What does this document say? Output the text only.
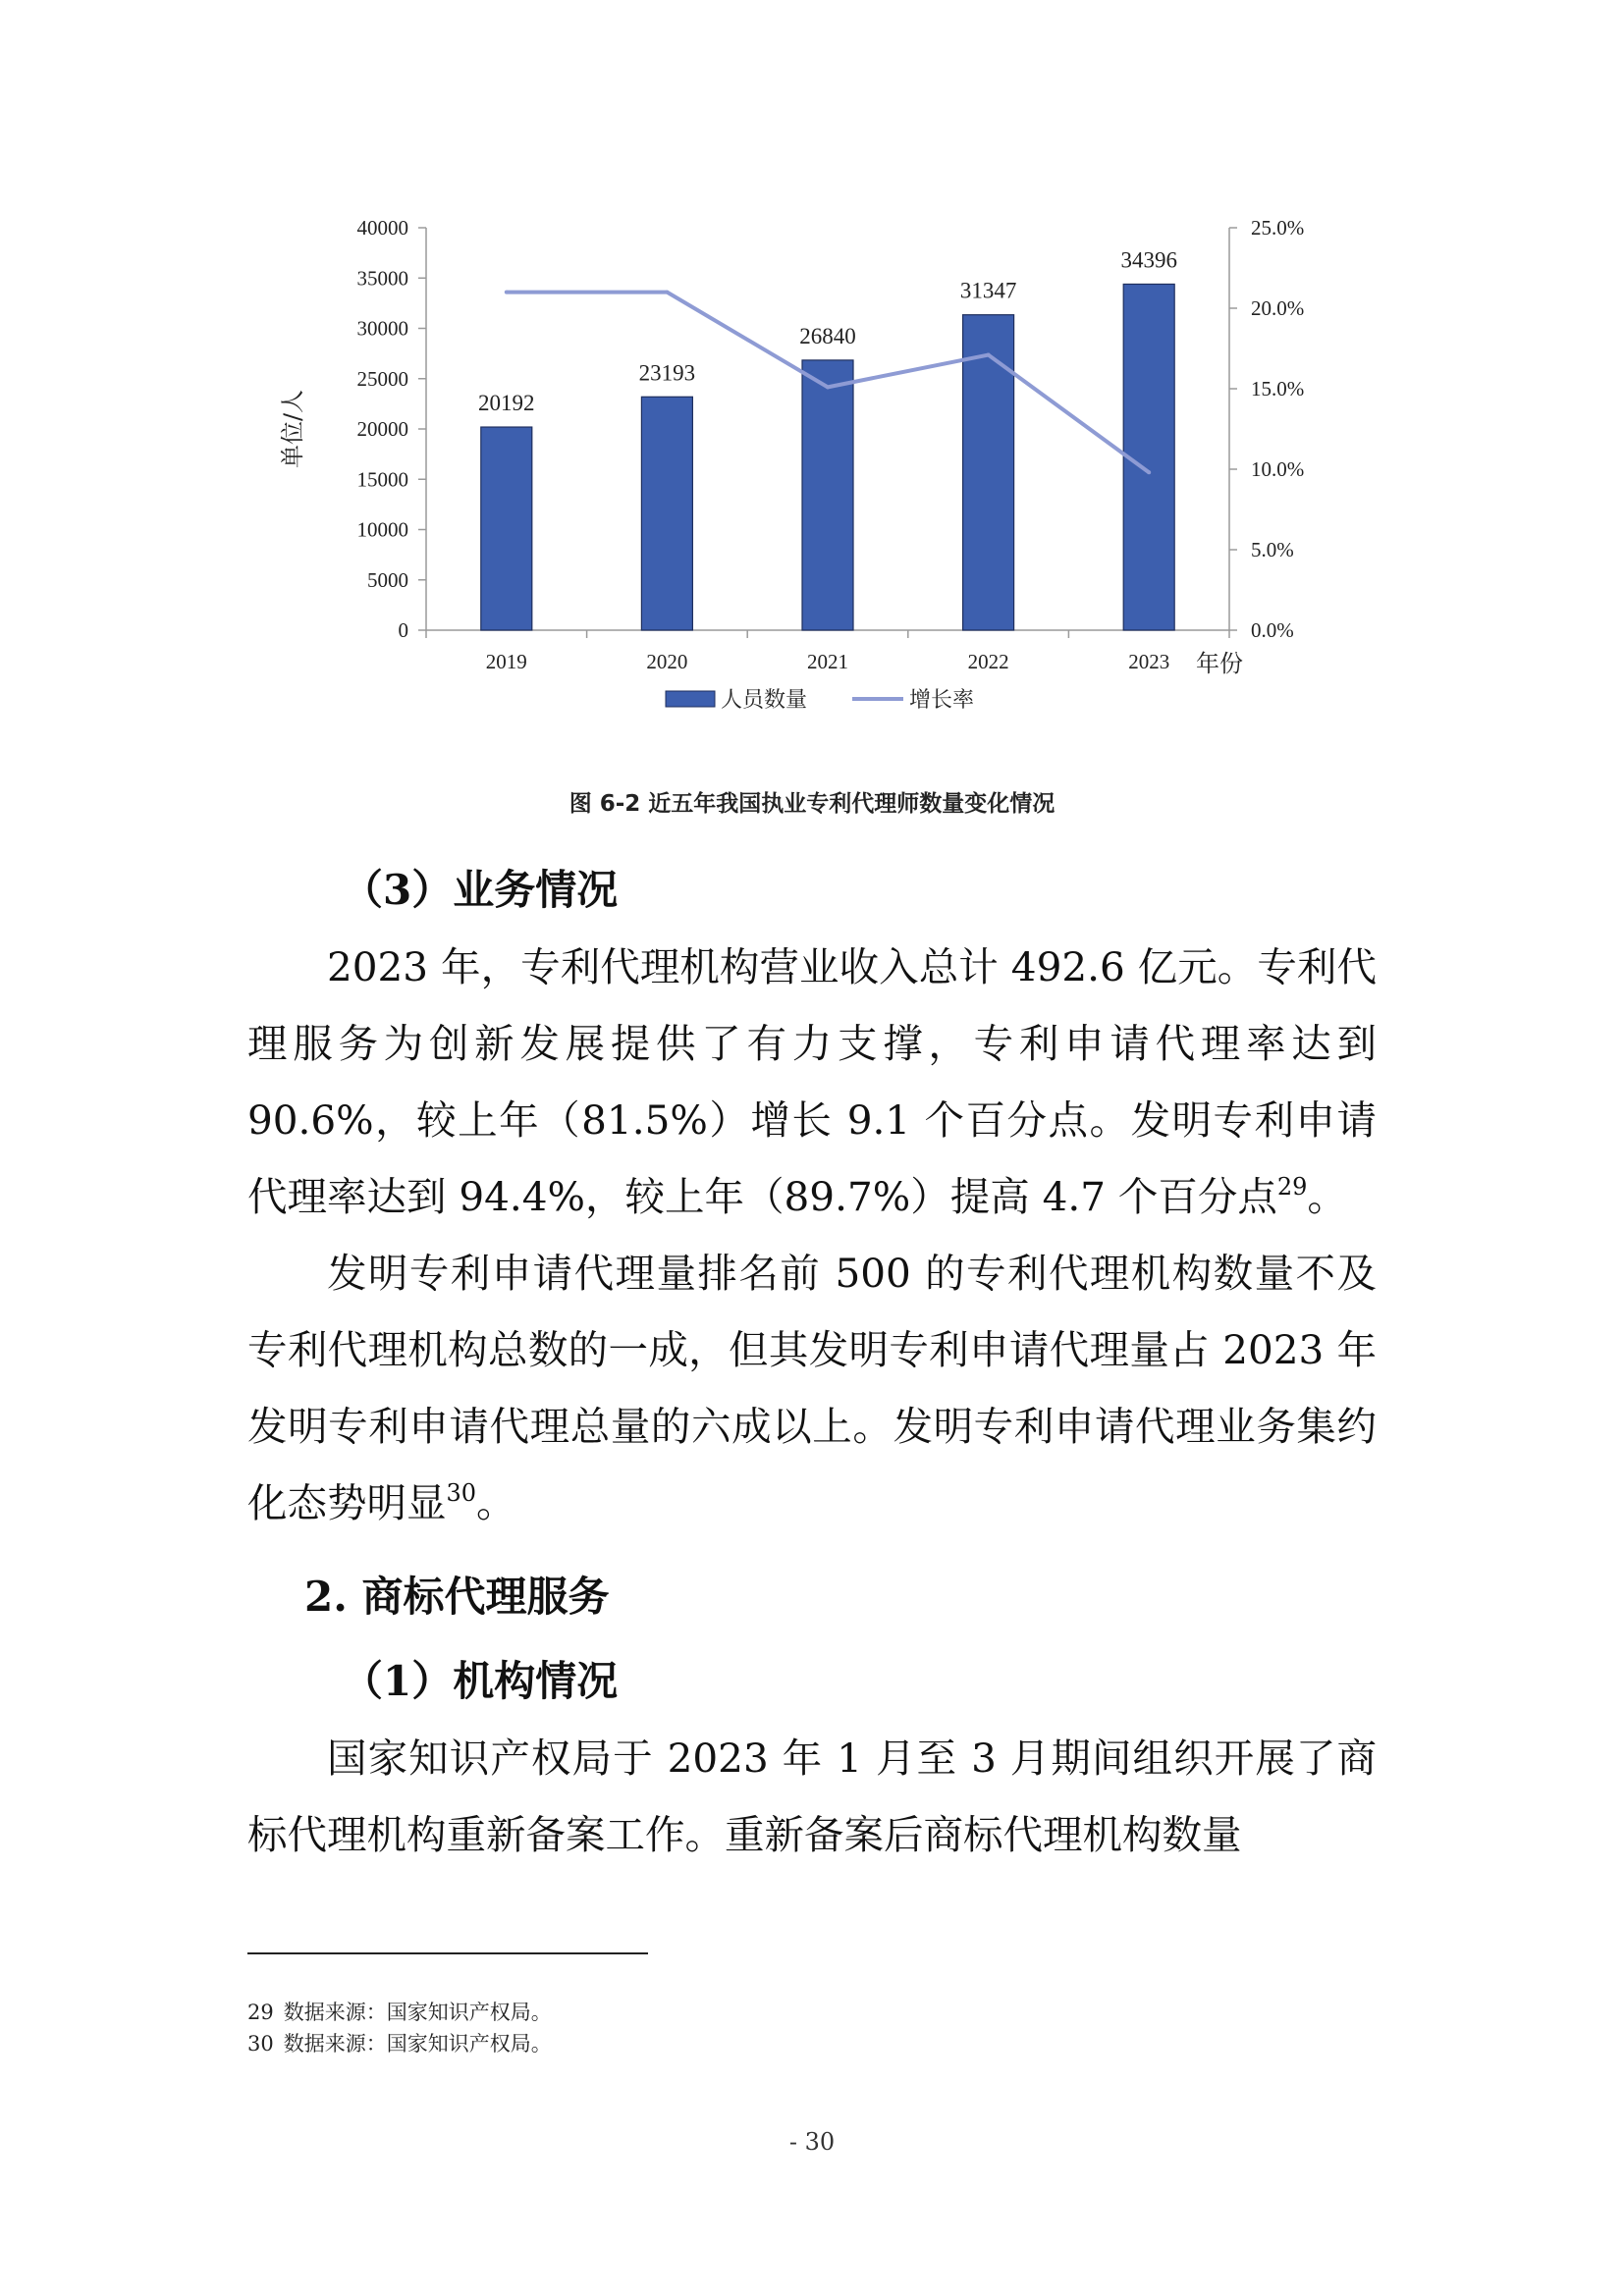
0
5000
10000
15000
20000
25000
30000
35000
40000
0.0%
5.0%
10.0%
15.0%
20.0%
25.0%
2019	2020	2021	2022	2023
单位/人
年份
20192
23193
26840
31347
34396
人员数量	增长率
图 6-2 近五年我国执业专利代理师数量变化情况
（3）业务情况
2023 年，专利代理机构营业收入总计 492.6 亿元。专利代理服务为创新发展提供了有力支撑，专利申请代理率达到 90.6%，较上年（81.5%）增长 9.1 个百分点。发明专利申请代理率达到 94.4%，较上年（89.7%）提高 4.7 个百分点$^{29}$。
发明专利申请代理量排名前 500 的专利代理机构数量不及专利代理机构总数的一成，但其发明专利申请代理量占 2023 年发明专利申请代理总量的六成以上。发明专利申请代理业务集约化态势明显$^{30}$。
2. 商标代理服务
（1）机构情况
国家知识产权局于 2023 年 1 月至 3 月期间组织开展了商标代理机构重新备案工作。重新备案后商标代理机构数量
29 数据来源：国家知识产权局。
30 数据来源：国家知识产权局。
- 30
